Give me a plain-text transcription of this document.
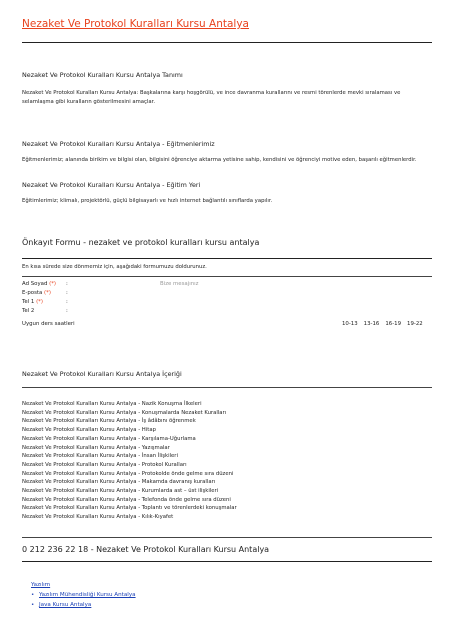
Nezaket Ve Protokol Kuralları Kursu Antalya
Nezaket Ve Protokol Kuralları Kursu Antalya Tanımı
Nezaket Ve Protokol Kuralları Kursu Antalya: Başkalarına karşı hoşgörülü, ve ince davranma kurallarını ve resmi törenlerde mevki sıralaması ve selamlaşma gibi kuralların gösterilmesini amaçlar.
Nezaket Ve Protokol Kuralları Kursu Antalya - Eğitmenlerimiz
Eğitmenlerimiz; alanında birikim ve bilgisi olan, bilgisini öğrenciye aktarma yetisine sahip, kendisini ve öğrenciyi motive eden, başarılı eğitmenlerdir.
Nezaket Ve Protokol Kuralları Kursu Antalya - Eğitim Yeri
Eğitimlerimiz; klimalı, projektörlü, güçlü bilgisayarlı ve hızlı internet bağlantılı sınıflarda yapılır.
Önkayıt Formu - nezaket ve protokol kuralları kursu antalya
En kısa sürede size dönmemiz için, aşağıdaki formumuzu doldurunuz.
Ad Soyad (*) :
E-posta (*)	:
Tel 1 (*)	:
Tel 2	:
Bize mesajınız
Uygun ders saatleri	10-13 13-16 16-19 19-22
Nezaket Ve Protokol Kuralları Kursu Antalya İçeriği
Nezaket Ve Protokol Kuralları Kursu Antalya - Nazik Konuşma İlkeleri
Nezaket Ve Protokol Kuralları Kursu Antalya - Konuşmalarda Nezaket Kuralları
Nezaket Ve Protokol Kuralları Kursu Antalya - İş âdâbını öğrenmek
Nezaket Ve Protokol Kuralları Kursu Antalya - Hitap
Nezaket Ve Protokol Kuralları Kursu Antalya - Karşılama-Uğurlama
Nezaket Ve Protokol Kuralları Kursu Antalya - Yazışmalar
Nezaket Ve Protokol Kuralları Kursu Antalya - İnsan İlişkileri
Nezaket Ve Protokol Kuralları Kursu Antalya - Protokol Kuralları
Nezaket Ve Protokol Kuralları Kursu Antalya - Protokolde önde gelme sıra düzeni
Nezaket Ve Protokol Kuralları Kursu Antalya - Makamda davranış kuralları
Nezaket Ve Protokol Kuralları Kursu Antalya - Kurumlarda ast – üst ilişkileri
Nezaket Ve Protokol Kuralları Kursu Antalya - Telefonda önde gelme sıra düzeni
Nezaket Ve Protokol Kuralları Kursu Antalya - Toplantı ve törenlerdeki konuşmalar
Nezaket Ve Protokol Kuralları Kursu Antalya - Kılık-Kıyafet
0 212 236 22 18 - Nezaket Ve Protokol Kuralları Kursu Antalya
Yazılım
• Yazılım Mühendisliği Kursu Antalya
• Java Kursu Antalya
